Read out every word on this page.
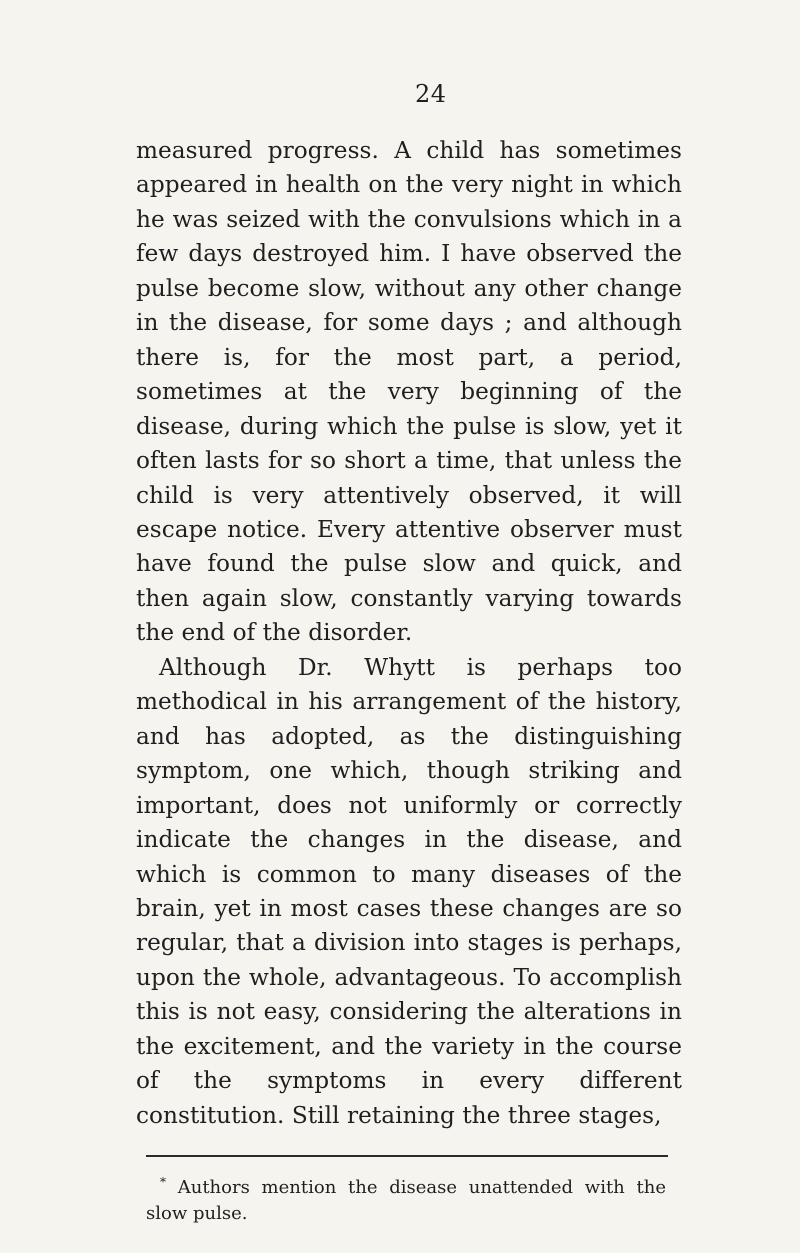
24

measured progress. A child has sometimes appeared in health on the very night in which he was seized with the convulsions which in a few days destroyed him. I have observed the pulse become slow, without any other change in the disease, for some days ; and although there is, for the most part, a period, sometimes at the very beginning of the disease, during which the pulse is slow, yet it often lasts for so short a time, that unless the child is very attentively observed, it will escape notice. Every attentive observer must have found the pulse slow and quick, and then again slow, constantly varying towards the end of the disorder.

Although Dr. Whytt is perhaps too methodical in his arrangement of the history, and has adopted, as the distinguishing symptom, one which, though striking and important, does not uniformly or correctly indicate the changes in the disease, and which is common to many diseases of the brain, yet in most cases these changes are so regular, that a division into stages is perhaps, upon the whole, advantageous. To accomplish this is not easy, considering the alterations in the excitement, and the variety in the course of the symptoms in every different constitution. Still retaining the three stages,

* Authors mention the disease unattended with the slow pulse.
